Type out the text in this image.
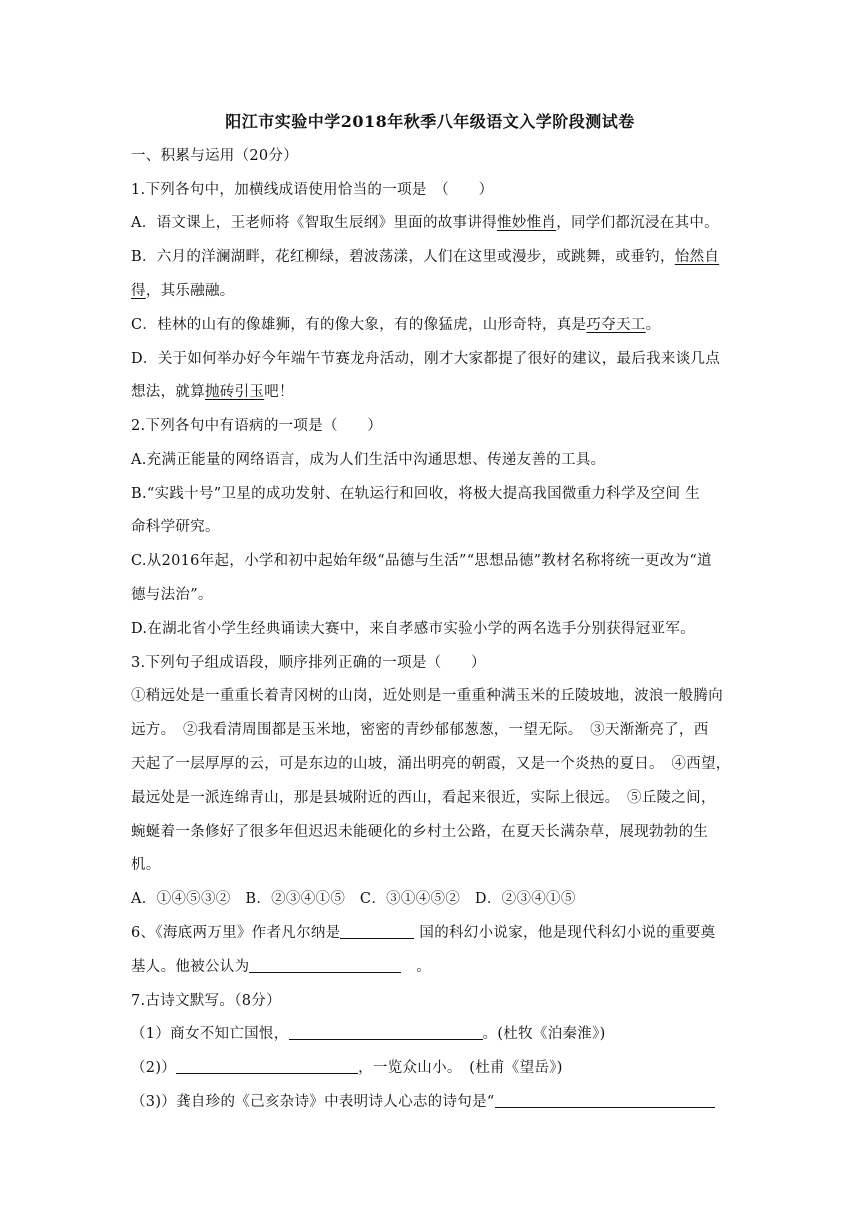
阳江市实验中学2018年秋季八年级语文入学阶段测试卷
一、积累与运用（20分）
1.下列各句中，加横线成语使用恰当的一项是　（　　）
A．语文课上，王老师将《智取生辰纲》里面的故事讲得惟妙惟肖，同学们都沉浸在其中。
B．六月的洋澜湖畔，花红柳绿，碧波荡漾，人们在这里或漫步，或跳舞，或垂钓，怡然自
得，其乐融融。
C．桂林的山有的像雄狮，有的像大象，有的像猛虎，山形奇特，真是巧夺天工。
D．关于如何举办好今年端午节赛龙舟活动，刚才大家都提了很好的建议，最后我来谈几点
想法，就算抛砖引玉吧！
2.下列各句中有语病的一项是（　　）
A.充满正能量的网络语言，成为人们生活中沟通思想、传递友善的工具。
B.“实践十号”卫星的成功发射、在轨运行和回收，将极大提高我国微重力科学及空间 生
命科学研究。
C.从2016年起，小学和初中起始年级“品德与生活”“思想品德”教材名称将统一更改为“道
德与法治”。
D.在湖北省小学生经典诵读大赛中，来自孝感市实验小学的两名选手分别获得冠亚军。
3.下列句子组成语段，顺序排列正确的一项是（　　）
①稍远处是一重重长着青冈树的山岗，近处则是一重重种满玉米的丘陵坡地，波浪一般腾向
远方。　②我看清周围都是玉米地，密密的青纱郁郁葱葱，一望无际。　③天渐渐亮了，西
天起了一层厚厚的云，可是东边的山坡，涌出明亮的朝霞，又是一个炎热的夏日。　④西望，
最远处是一派连绵青山，那是县城附近的西山，看起来很近，实际上很远。　⑤丘陵之间，
蜿蜒着一条修好了很多年但迟迟未能硬化的乡村土公路，在夏天长满杂草，展现勃勃的生
机。
A．①④⑤③②　B．②③④①⑤　C．③①④⑤②　D．②③④①⑤
6、《海底两万里》作者凡尔纳是	国的科幻小说家，他是现代科幻小说的重要奠
基人。他被公认为	　。
7.古诗文默写。（8分）
（1）商女不知亡国恨，	。(杜牧《泊秦淮》)
（2)）	，一览众山小。　(杜甫《望岳》)
（3)）龚自珍的《己亥杂诗》中表明诗人心志的诗句是“
